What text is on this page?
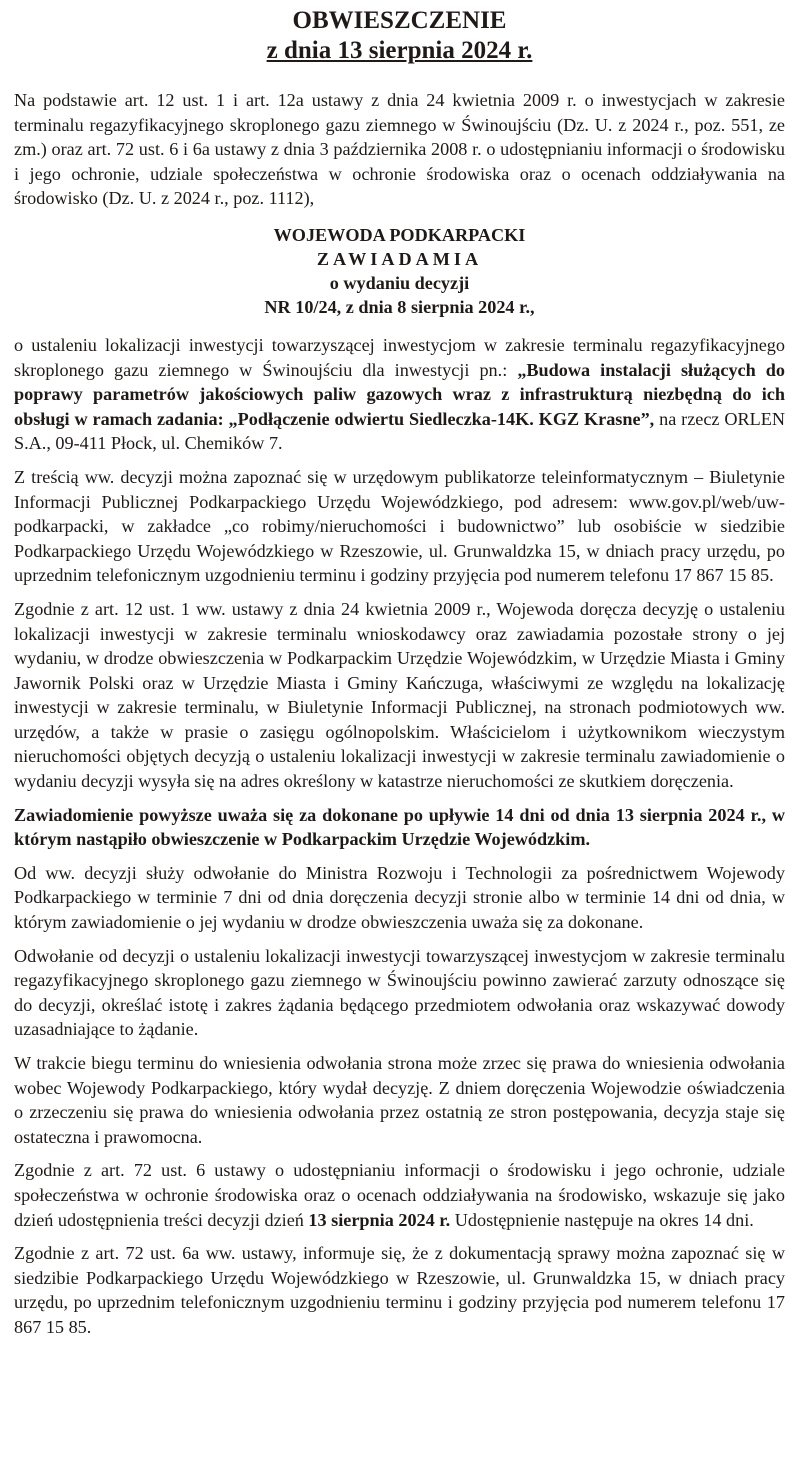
OBWIESZCZENIE
z dnia 13 sierpnia 2024 r.

Na podstawie art. 12 ust. 1 i art. 12a ustawy z dnia 24 kwietnia 2009 r. o inwestycjach w zakresie terminalu regazyfikacyjnego skroplonego gazu ziemnego w Świnoujściu (Dz. U. z 2024 r., poz. 551, ze zm.) oraz art. 72 ust. 6 i 6a ustawy z dnia 3 października 2008 r. o udostępnianiu informacji o środowisku i jego ochronie, udziale społeczeństwa w ochronie środowiska oraz o ocenach oddziaływania na środowisko (Dz. U. z 2024 r., poz. 1112),

WOJEWODA PODKARPACKI
ZAWIADAMIA
o wydaniu decyzji
NR 10/24, z dnia 8 sierpnia 2024 r.,

o ustaleniu lokalizacji inwestycji towarzyszącej inwestycjom w zakresie terminalu regazyfikacyjnego skroplonego gazu ziemnego w Świnoujściu dla inwestycji pn.: „Budowa instalacji służących do poprawy parametrów jakościowych paliw gazowych wraz z infrastrukturą niezbędną do ich obsługi w ramach zadania: „Podłączenie odwiertu Siedleczka-14K. KGZ Krasne”, na rzecz ORLEN S.A., 09-411 Płock, ul. Chemików 7.

Z treścią ww. decyzji można zapoznać się w urzędowym publikatorze teleinformatycznym – Biuletynie Informacji Publicznej Podkarpackiego Urzędu Wojewódzkiego, pod adresem: www.gov.pl/web/uw-podkarpacki, w zakładce „co robimy/nieruchomości i budownictwo” lub osobiście w siedzibie Podkarpackiego Urzędu Wojewódzkiego w Rzeszowie, ul. Grunwaldzka 15, w dniach pracy urzędu, po uprzednim telefonicznym uzgodnieniu terminu i godziny przyjęcia pod numerem telefonu 17 867 15 85.

Zgodnie z art. 12 ust. 1 ww. ustawy z dnia 24 kwietnia 2009 r., Wojewoda doręcza decyzję o ustaleniu lokalizacji inwestycji w zakresie terminalu wnioskodawcy oraz zawiadamia pozostałe strony o jej wydaniu, w drodze obwieszczenia w Podkarpackim Urzędzie Wojewódzkim, w Urzędzie Miasta i Gminy Jawornik Polski oraz w Urzędzie Miasta i Gminy Kańczuga, właściwymi ze względu na lokalizację inwestycji w zakresie terminalu, w Biuletynie Informacji Publicznej, na stronach podmiotowych ww. urzędów, a także w prasie o zasięgu ogólnopolskim. Właścicielom i użytkownikom wieczystym nieruchomości objętych decyzją o ustaleniu lokalizacji inwestycji w zakresie terminalu zawiadomienie o wydaniu decyzji wysyła się na adres określony w katastrze nieruchomości ze skutkiem doręczenia.

Zawiadomienie powyższe uważa się za dokonane po upływie 14 dni od dnia 13 sierpnia 2024 r., w którym nastąpiło obwieszczenie w Podkarpackim Urzędzie Wojewódzkim.

Od ww. decyzji służy odwołanie do Ministra Rozwoju i Technologii za pośrednictwem Wojewody Podkarpackiego w terminie 7 dni od dnia doręczenia decyzji stronie albo w terminie 14 dni od dnia, w którym zawiadomienie o jej wydaniu w drodze obwieszczenia uważa się za dokonane.

Odwołanie od decyzji o ustaleniu lokalizacji inwestycji towarzyszącej inwestycjom w zakresie terminalu regazyfikacyjnego skroplonego gazu ziemnego w Świnoujściu powinno zawierać zarzuty odnoszące się do decyzji, określać istotę i zakres żądania będącego przedmiotem odwołania oraz wskazywać dowody uzasadniające to żądanie.

W trakcie biegu terminu do wniesienia odwołania strona może zrzec się prawa do wniesienia odwołania wobec Wojewody Podkarpackiego, który wydał decyzję. Z dniem doręczenia Wojewodzie oświadczenia o zrzeczeniu się prawa do wniesienia odwołania przez ostatnią ze stron postępowania, decyzja staje się ostateczna i prawomocna.

Zgodnie z art. 72 ust. 6 ustawy o udostępnianiu informacji o środowisku i jego ochronie, udziale społeczeństwa w ochronie środowiska oraz o ocenach oddziaływania na środowisko, wskazuje się jako dzień udostępnienia treści decyzji dzień 13 sierpnia 2024 r. Udostępnienie następuje na okres 14 dni.

Zgodnie z art. 72 ust. 6a ww. ustawy, informuje się, że z dokumentacją sprawy można zapoznać się w siedzibie Podkarpackiego Urzędu Wojewódzkiego w Rzeszowie, ul. Grunwaldzka 15, w dniach pracy urzędu, po uprzednim telefonicznym uzgodnieniu terminu i godziny przyjęcia pod numerem telefonu 17 867 15 85.
